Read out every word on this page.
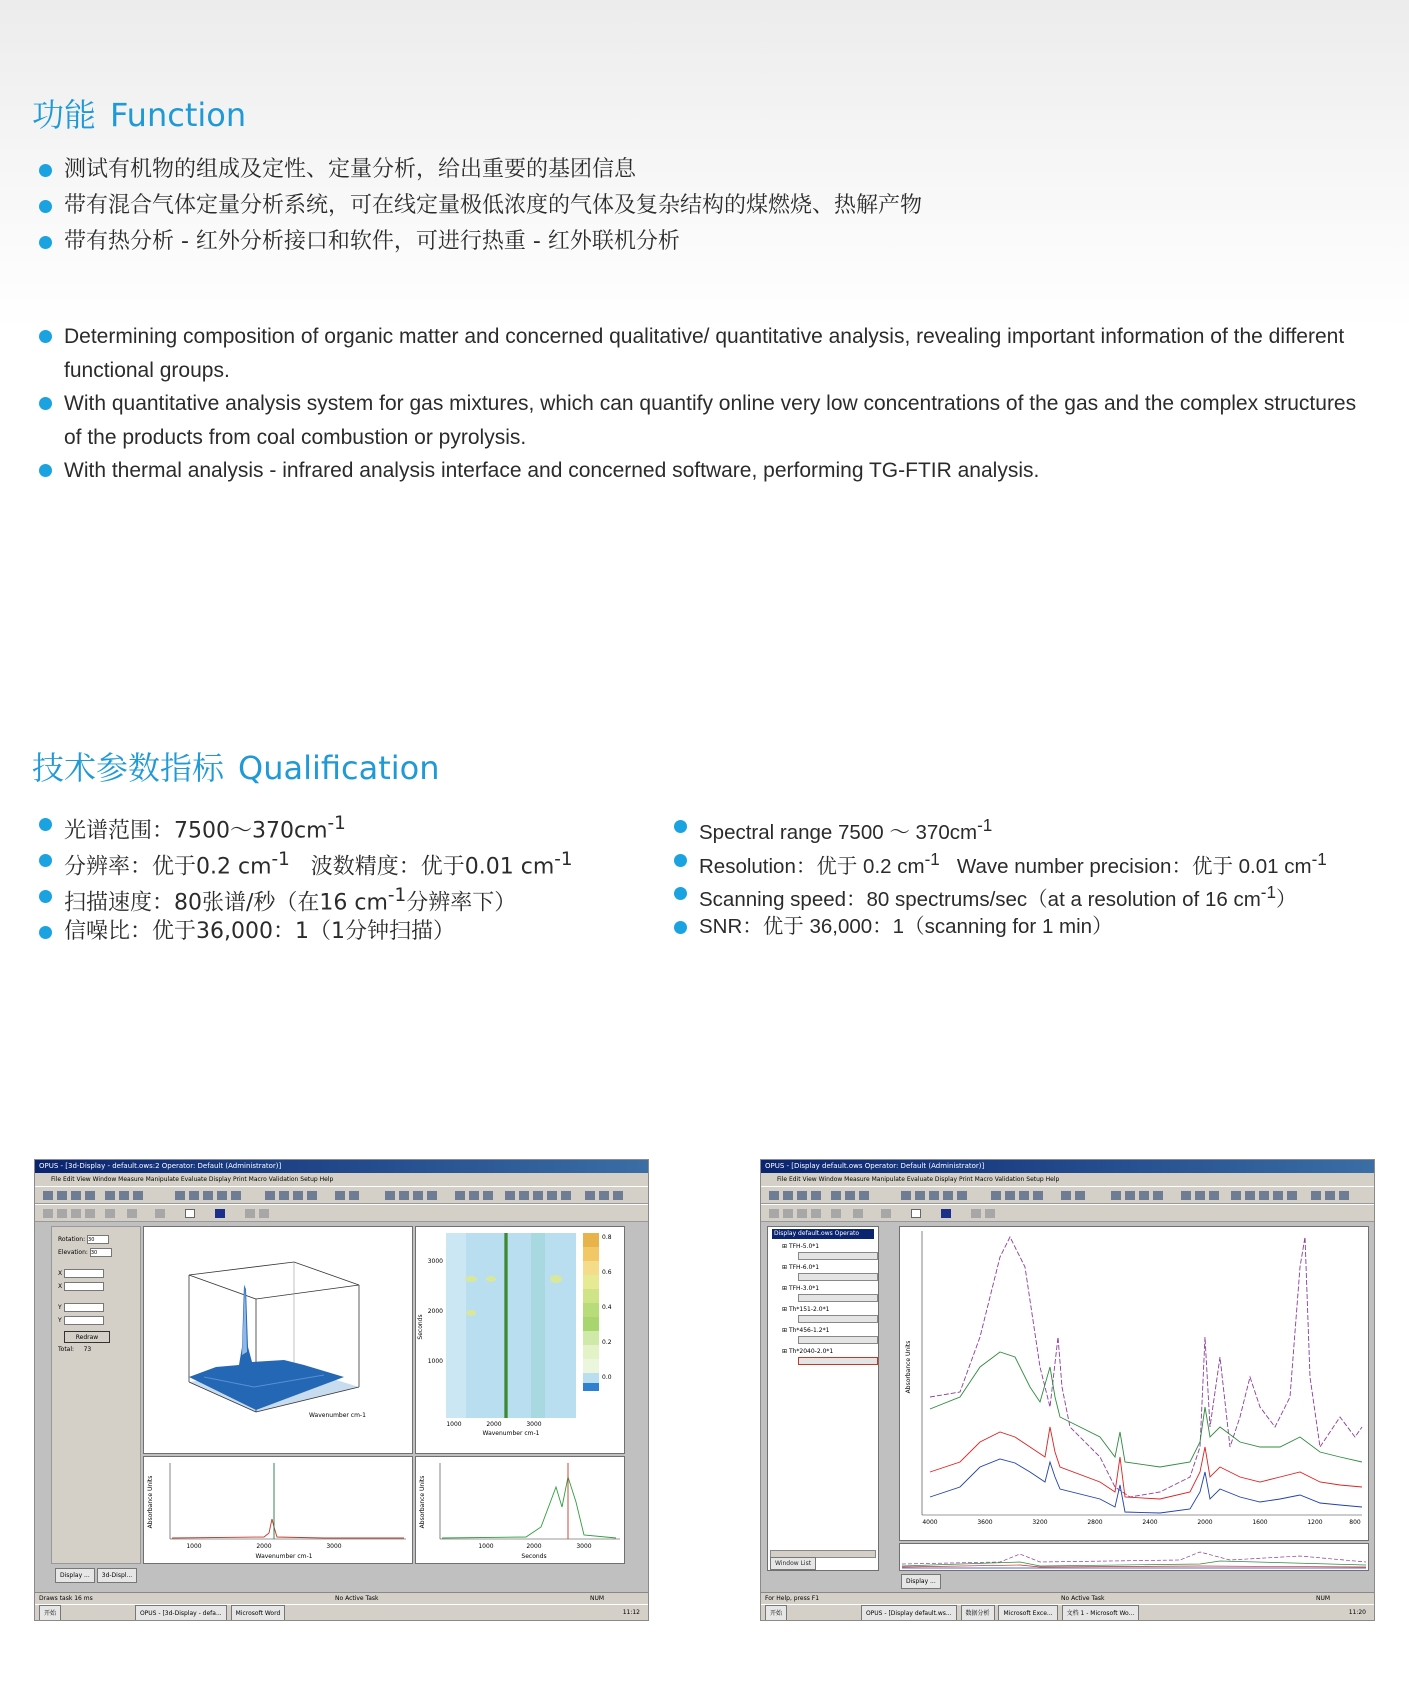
功能 Function
测试有机物的组成及定性、定量分析，给出重要的基团信息
带有混合气体定量分析系统，可在线定量极低浓度的气体及复杂结构的煤燃烧、热解产物
带有热分析 - 红外分析接口和软件，可进行热重 - 红外联机分析
Determining composition of organic matter and concerned qualitative/ quantitative analysis, revealing important information of the different functional groups.
With quantitative analysis system for gas mixtures, which can quantify online very low concentrations of the gas and the complex structures of the products from coal combustion or pyrolysis.
With thermal analysis - infrared analysis interface and concerned software, performing TG-FTIR analysis.
技术参数指标 Qualification
光谱范围：$7500\sim 370cm^{-1}$
分辨率：优于0.2 $cm^{-1}$   波数精度：优于0.01 $cm^{-1}$
扫描速度：80张谱/秒（在16 $cm^{-1}$分辨率下）
信噪比：优于36,000：1（1分钟扫描）
Spectral range 7500 ～ $370cm^{-1}$
Resolution：优于 0.2 $cm^{-1}$   Wave number precision：优于 0.01 $cm^{-1}$
Scanning speed：80 spectrums/sec（at a resolution of 16 $cm^{-1}$）
SNR：优于 36,000：1（scanning for 1 min）
OPUS - [3d-Display - default.ows:2 Operator: Default (Administrator)]
File Edit View Window Measure Manipulate Evaluate Display Print Macro Validation Setup Help
Rotation: 30
Elevation: 30
X
X
Y
Y
Redraw
Total: 73
Wavenumber cm-1
3000
2000
1000
1000	2000	3000
Wavenumber cm-1
Seconds
0.8
0.6
0.4
0.2
0.0
1000	2000	3000
Wavenumber cm-1
Absorbance Units
1000	2000	3000
Seconds
Absorbance Units
Display ... 3d-Displ...
Draws task 16 ms	No Active Task	NUM
开始	OPUS - [3d-Display - defa... Microsoft Word	11:12
OPUS - [Display default.ows Operator: Default (Administrator)]
File Edit View Window Measure Manipulate Evaluate Display Print Macro Validation Setup Help
Display default.ows Operato
⊞ TFH-5.0*1
⊞ TFH-6.0*1
⊞ TFH-3.0*1
⊞ Th*151-2.0*1
⊞ Th*456-1.2*1
⊞ Th*2040-2.0*1
Window List
Absorbance Units
4000	3600	3200	2800	2400	2000	1600	1200	800
Display ...
For Help, press F1	No Active Task	NUM
开始	OPUS - [Display default.ws... 数据分析 Microsoft Exce... 文档 1 - Microsoft Wo...	11:20
